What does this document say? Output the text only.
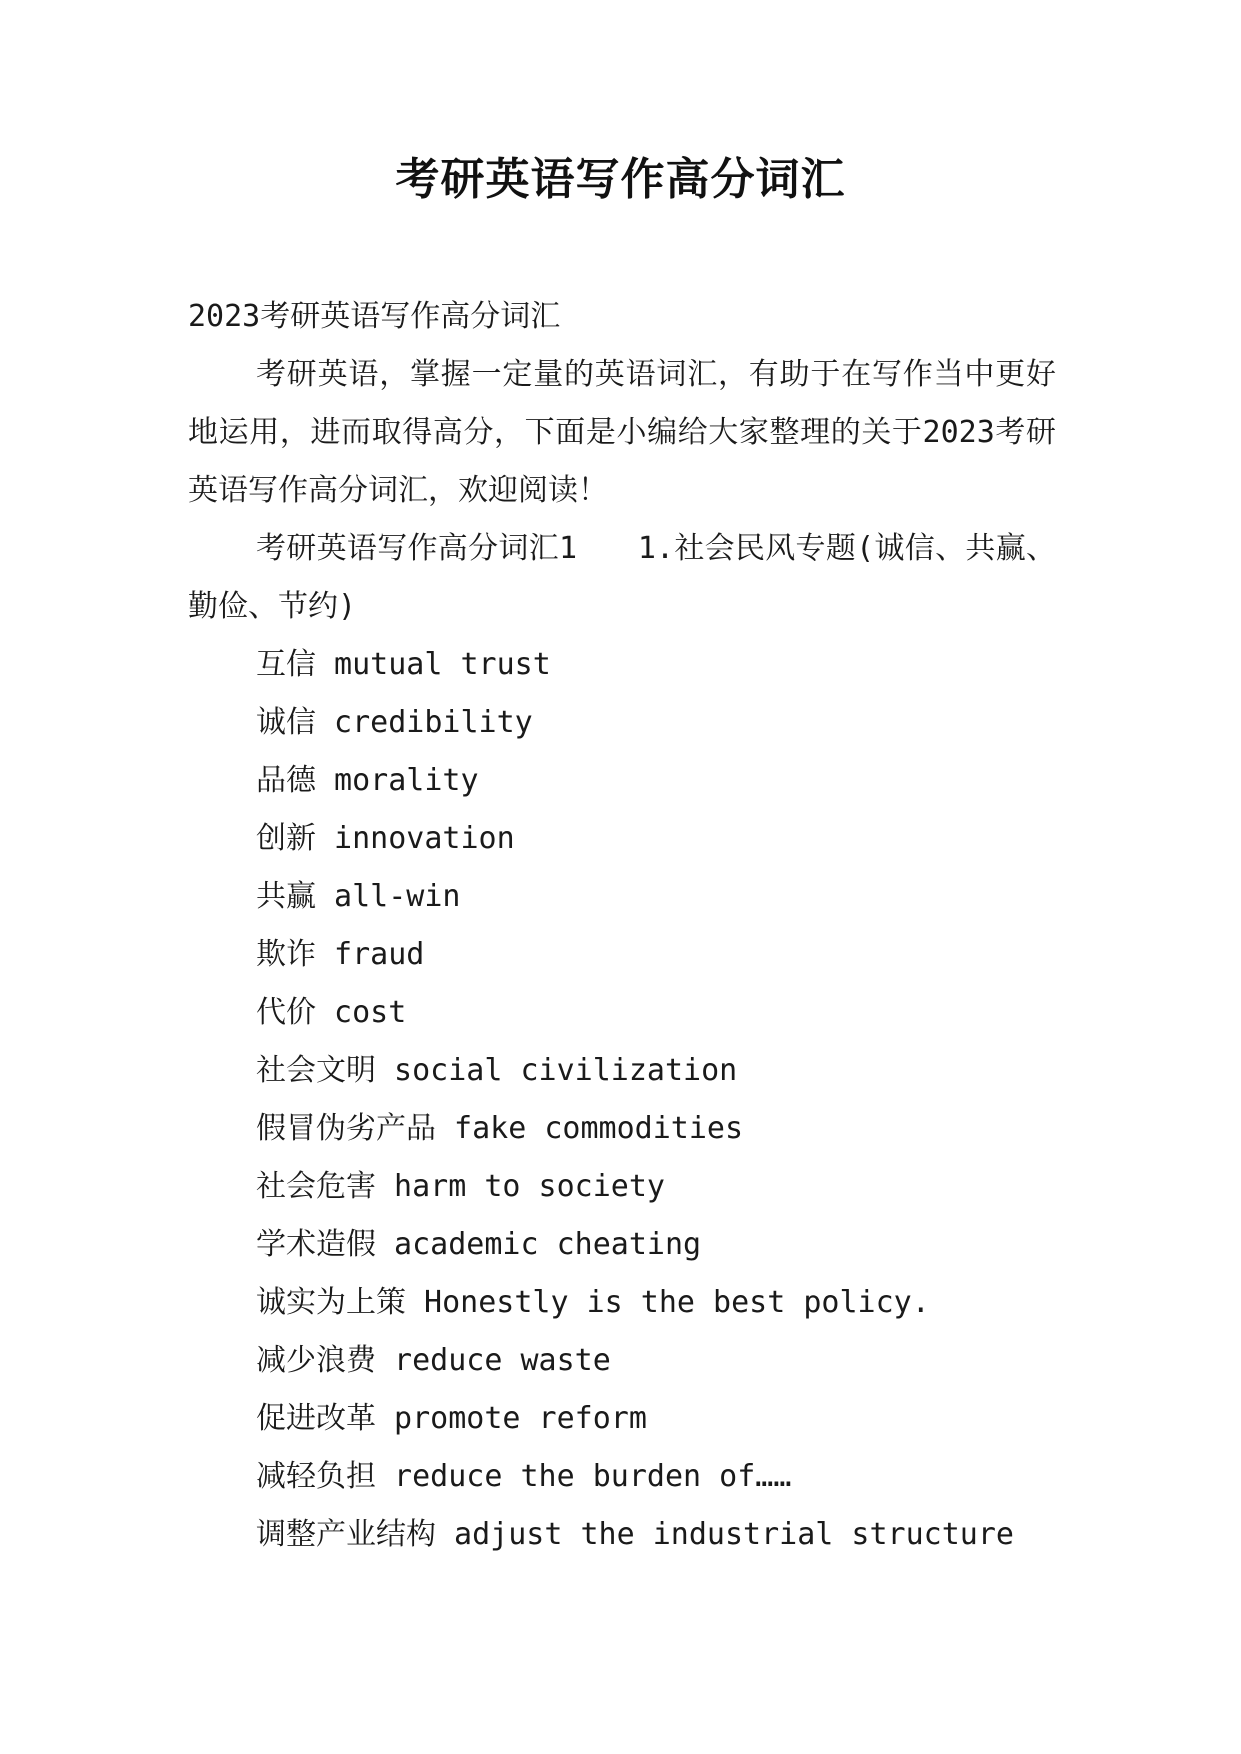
考研英语写作高分词汇
2023考研英语写作高分词汇
考研英语，掌握一定量的英语词汇，有助于在写作当中更好地运用，进而取得高分，下面是小编给大家整理的关于2023考研英语写作高分词汇，欢迎阅读！
考研英语写作高分词汇1　　1.社会民风专题(诚信、共赢、勤俭、节约)
互信 mutual trust
诚信 credibility
品德 morality
创新 innovation
共赢 all-win
欺诈 fraud
代价 cost
社会文明 social civilization
假冒伪劣产品 fake commodities
社会危害 harm to society
学术造假 academic cheating
诚实为上策 Honestly is the best policy.
减少浪费 reduce waste
促进改革 promote reform
减轻负担 reduce the burden of……
调整产业结构 adjust the industrial structure
